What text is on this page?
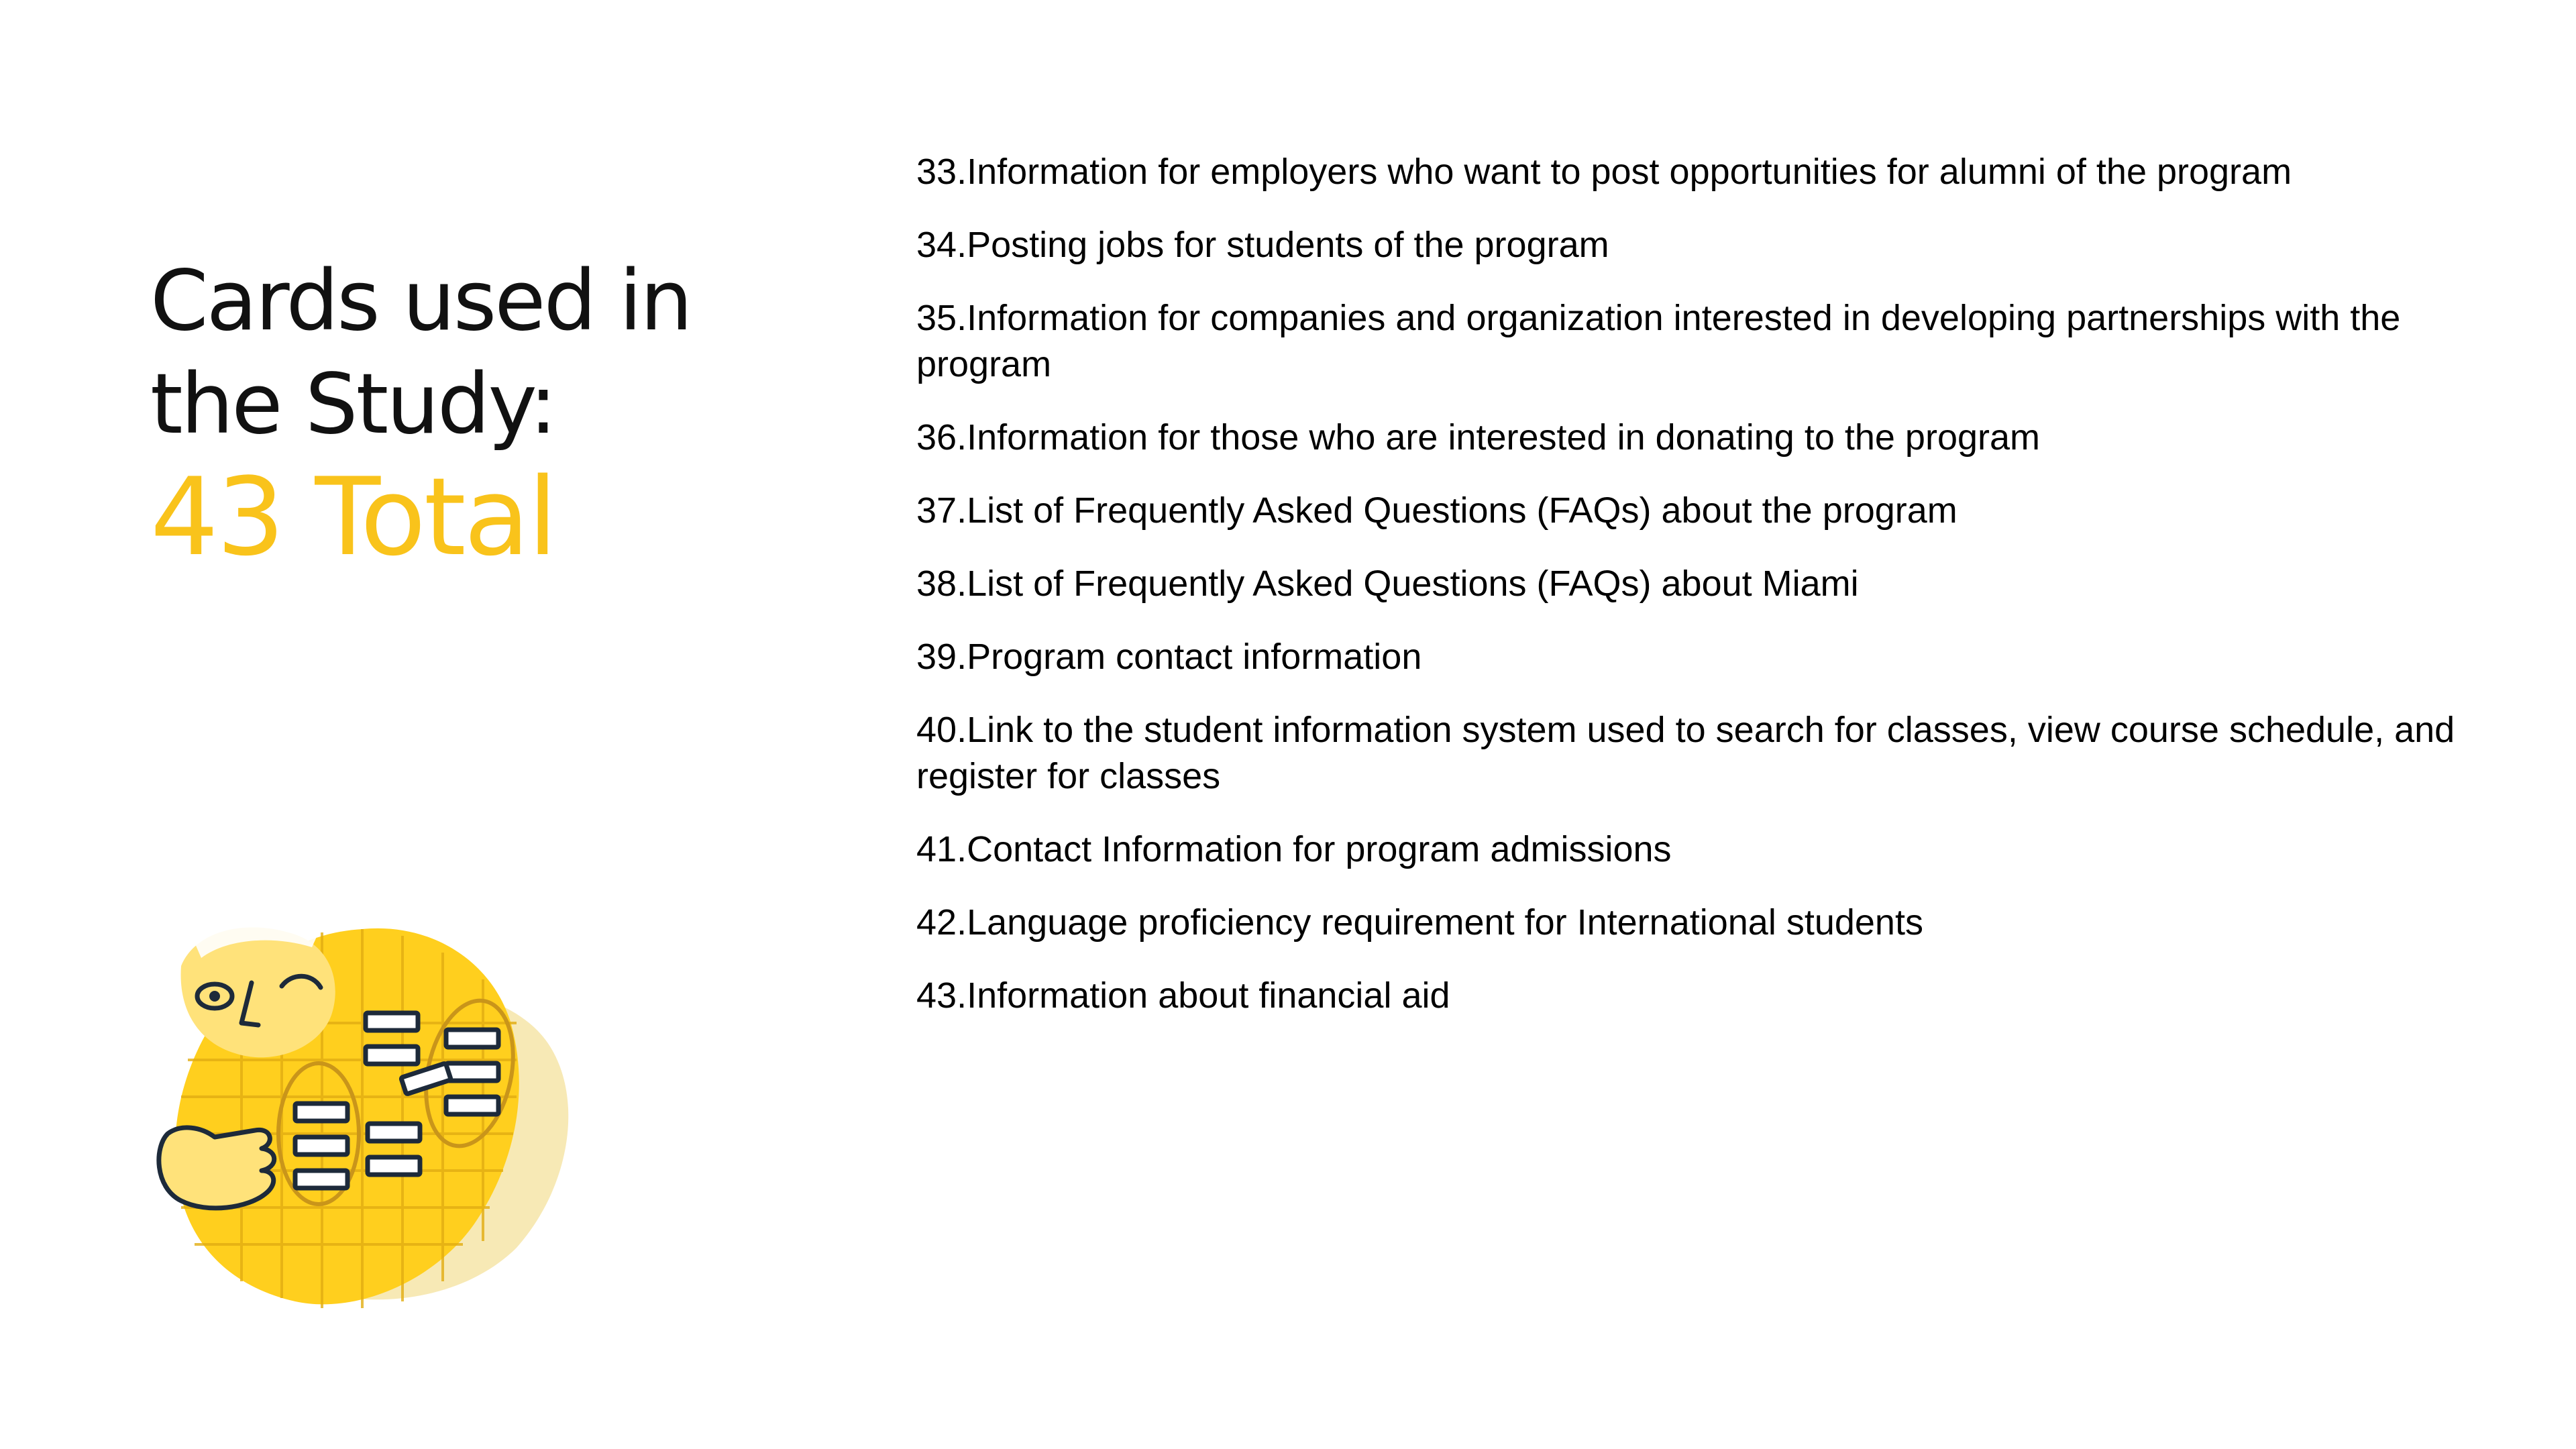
Cards used in
the Study:
43 Total
33.Information for employers who want to post opportunities for alumni of the program
34.Posting jobs for students of the program
35.Information for companies and organization interested in developing partnerships with the program
36.Information for those who are interested in donating to the program
37.List of Frequently Asked Questions (FAQs) about the program
38.List of Frequently Asked Questions (FAQs) about Miami
39.Program contact information
40.Link to the student information system used to search for classes, view course schedule, and register for classes
41.Contact Information for program admissions
42.Language proficiency requirement for International students
43.Information about financial aid
